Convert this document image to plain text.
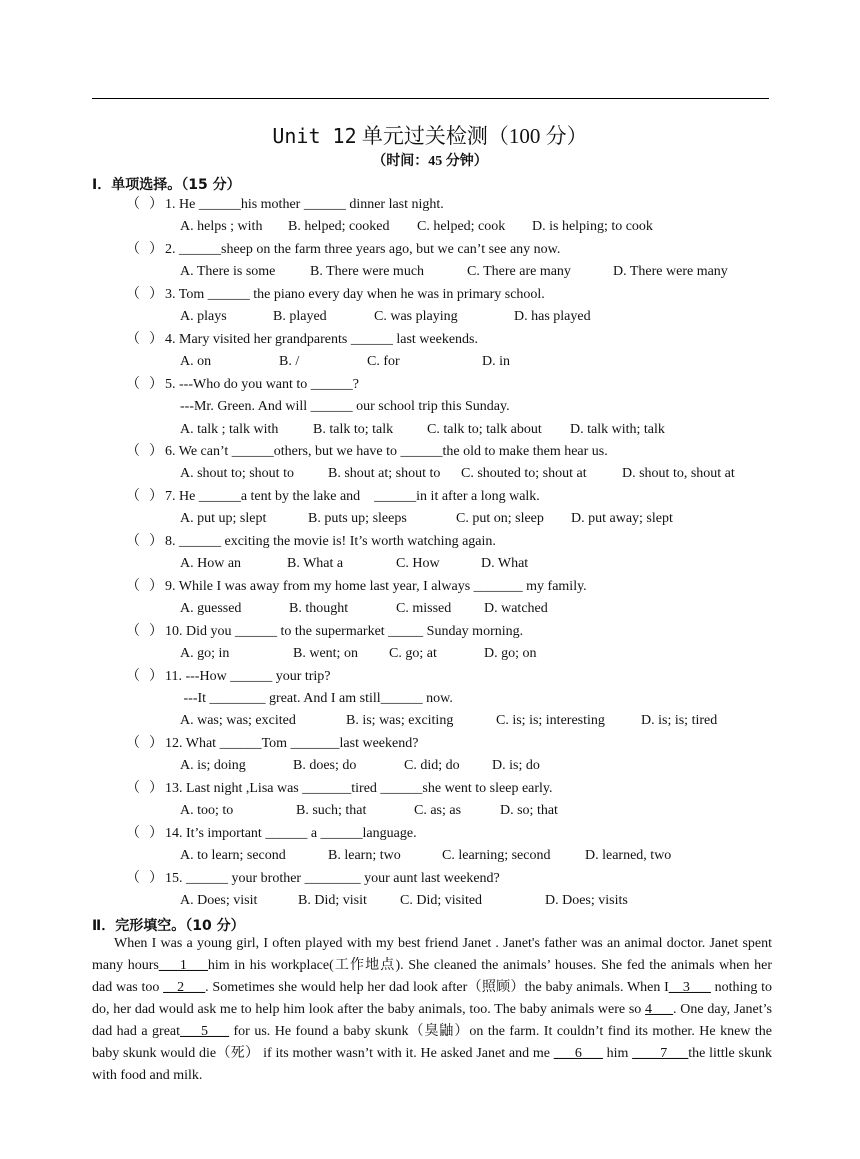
Unit 12 单元过关检测（100 分）
（时间：45 分钟）
Ⅰ．单项选择。（15 分）
（    ） 1. He ______his mother ______ dinner last night.
A. helps ; with B. helped; cooked C. helped; cook D. is helping; to cook
（    ） 2. ______sheep on the farm three years ago, but we can’t see any now.
A. There is some B. There were much	C. There are many	D. There were many
（    ） 3. Tom ______ the piano every day when he was in primary school.
A. plays	B. played	C. was playing	D. has played
（    ） 4. Mary visited her grandparents ______ last weekends.
A. on	B. /	C. for	D. in
（    ） 5. ---Who do you want to ______?
---Mr. Green. And will ______ our school trip this Sunday.
A. talk ; talk with B. talk to; talk C. talk to; talk about D. talk with; talk
（    ） 6. We can’t ______others, but we have to ______the old to make them hear us.
A. shout to; shout to B. shout at; shout to C. shouted to; shout at	D. shout to, shout at
（    ） 7. He ______a tent by the lake and    ______in it after a long walk.
A. put up; slept	B. puts up; sleeps	C. put on; sleep D. put away; slept
（    ） 8. ______ exciting the movie is! It’s worth watching again.
A. How an	B. What a	C. How	D. What
（    ） 9. While I was away from my home last year, I always _______ my family.
A. guessed	B. thought	C. missed D. watched
（    ） 10. Did you ______ to the supermarket _____ Sunday morning.
A. go; in	B. went; on C. go; at	D. go; on
（    ） 11. ---How ______ your trip?
---It ________ great. And I am still______ now.
A. was; was; excited	B. is; was; exciting	C. is; is; interesting	D. is; is; tired
（    ） 12. What ______Tom _______last weekend?
A. is; doing	B. does; do	C. did; do D. is; do
（    ） 13. Last night ,Lisa was _______tired ______she went to sleep early.
A. too; to	B. such; that	C. as; as	D. so; that
（    ） 14. It’s important ______ a ______language.
A. to learn; second	B. learn; two	C. learning; second D. learned, two
（    ） 15. ______ your brother ________ your aunt last weekend?
A. Does; visit	B. Did; visit C. Did; visited	D. Does; visits
Ⅱ．完形填空。（10 分）
When I was a young girl, I often played with my best friend Janet . Janet's father was an animal doctor. Janet spent many hours___1___him in his workplace(工作地点). She cleaned the animals’ houses. She fed the animals when her dad was too __2___. Sometimes she would help her dad look after（照顾）the baby animals. When I__3___ nothing to do, her dad would ask me to help him look after the baby animals, too. The baby animals were so 4___. One day, Janet’s dad had a great___5___ for us. He found a baby skunk（臭鼬）on the farm. It couldn’t find its mother. He knew the baby skunk would die（死） if its mother wasn’t with it. He asked Janet and me ___6___ him ____7___the little skunk with food and milk.
